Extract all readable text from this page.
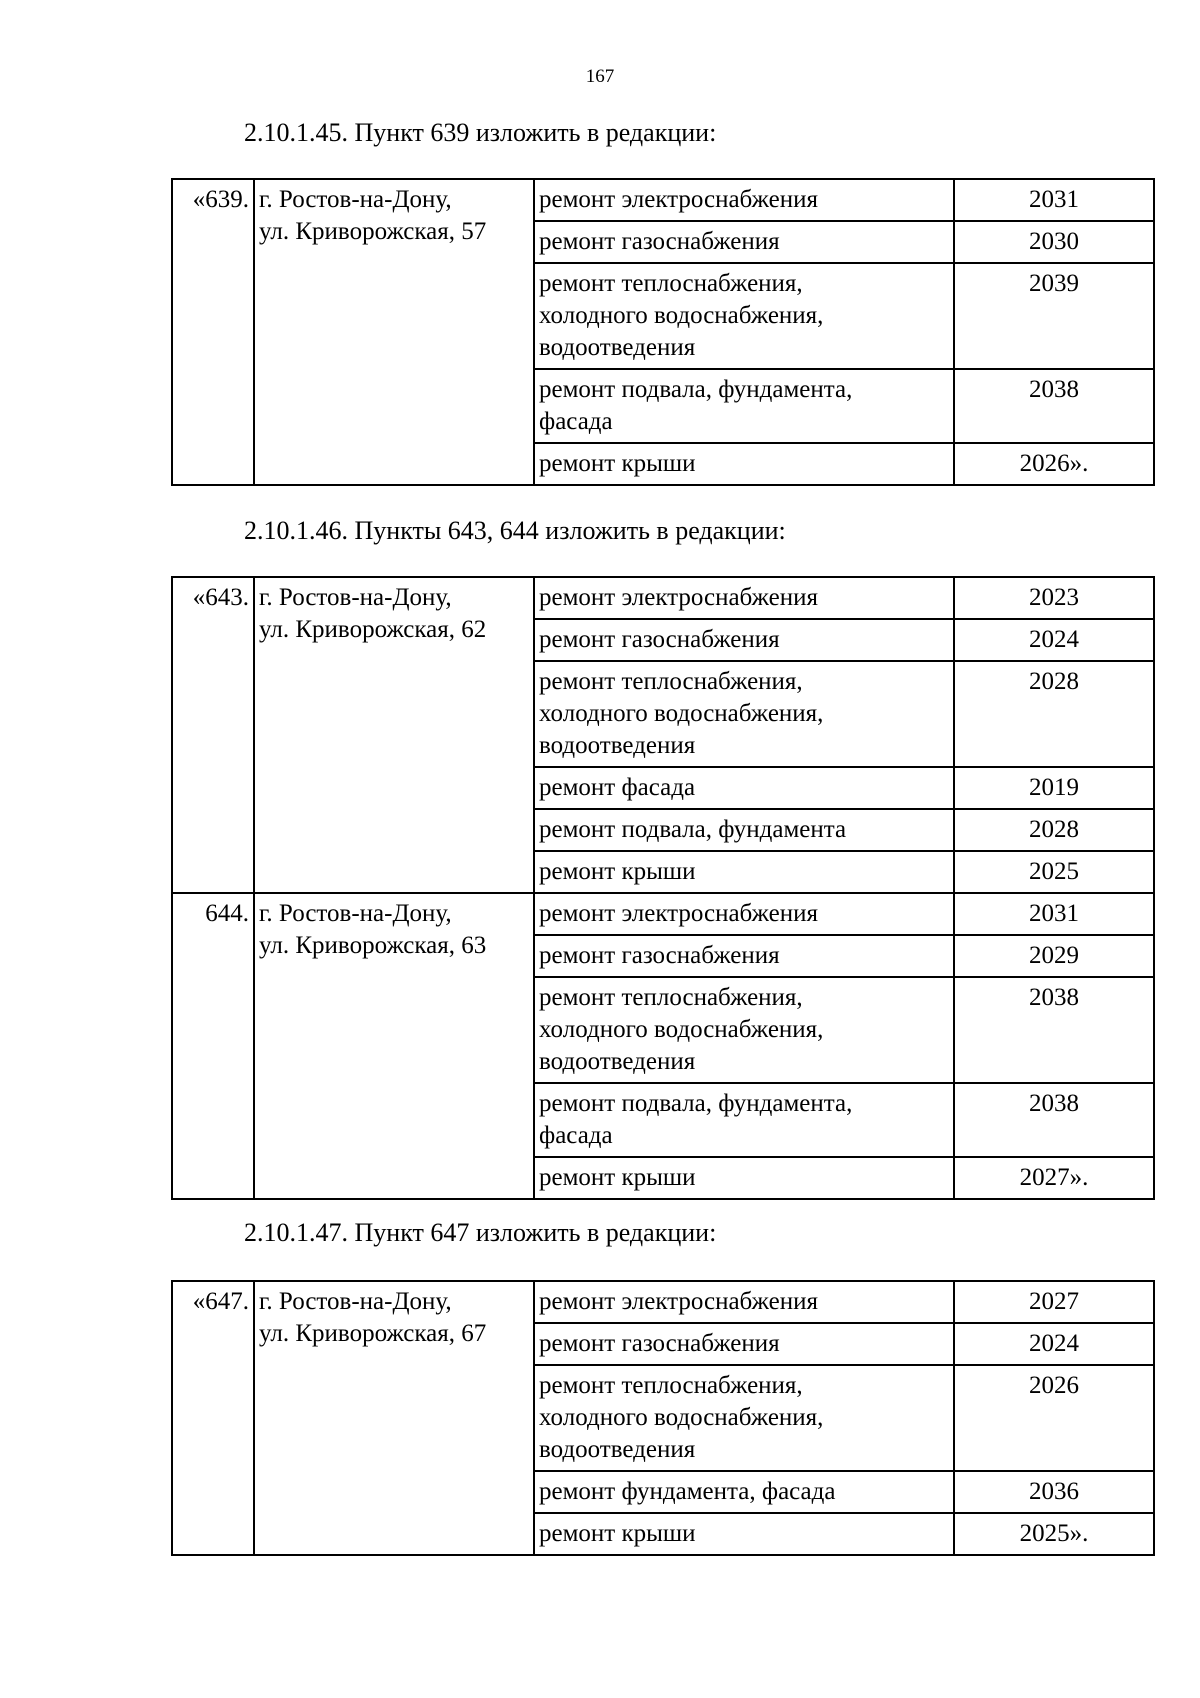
167
2.10.1.45. Пункт 639 изложить в редакции:
«639.	г. Ростов-на-Дону,
ул. Криворожская, 57	ремонт электроснабжения	2031
		ремонт газоснабжения	2030
		ремонт теплоснабжения,
холодного водоснабжения,
водоотведения	2039
		ремонт подвала, фундамента,
фасада	2038
		ремонт крыши	2026».
2.10.1.46. Пункты 643, 644 изложить в редакции:
«643.	г. Ростов-на-Дону,
ул. Криворожская, 62	ремонт электроснабжения	2023
		ремонт газоснабжения	2024
		ремонт теплоснабжения,
холодного водоснабжения,
водоотведения	2028
		ремонт фасада	2019
		ремонт подвала, фундамента	2028
		ремонт крыши	2025
644.	г. Ростов-на-Дону,
ул. Криворожская, 63	ремонт электроснабжения	2031
		ремонт газоснабжения	2029
		ремонт теплоснабжения,
холодного водоснабжения,
водоотведения	2038
		ремонт подвала, фундамента,
фасада	2038
		ремонт крыши	2027».
2.10.1.47. Пункт 647 изложить в редакции:
«647.	г. Ростов-на-Дону,
ул. Криворожская, 67	ремонт электроснабжения	2027
		ремонт газоснабжения	2024
		ремонт теплоснабжения,
холодного водоснабжения,
водоотведения	2026
		ремонт фундамента, фасада	2036
		ремонт крыши	2025».
